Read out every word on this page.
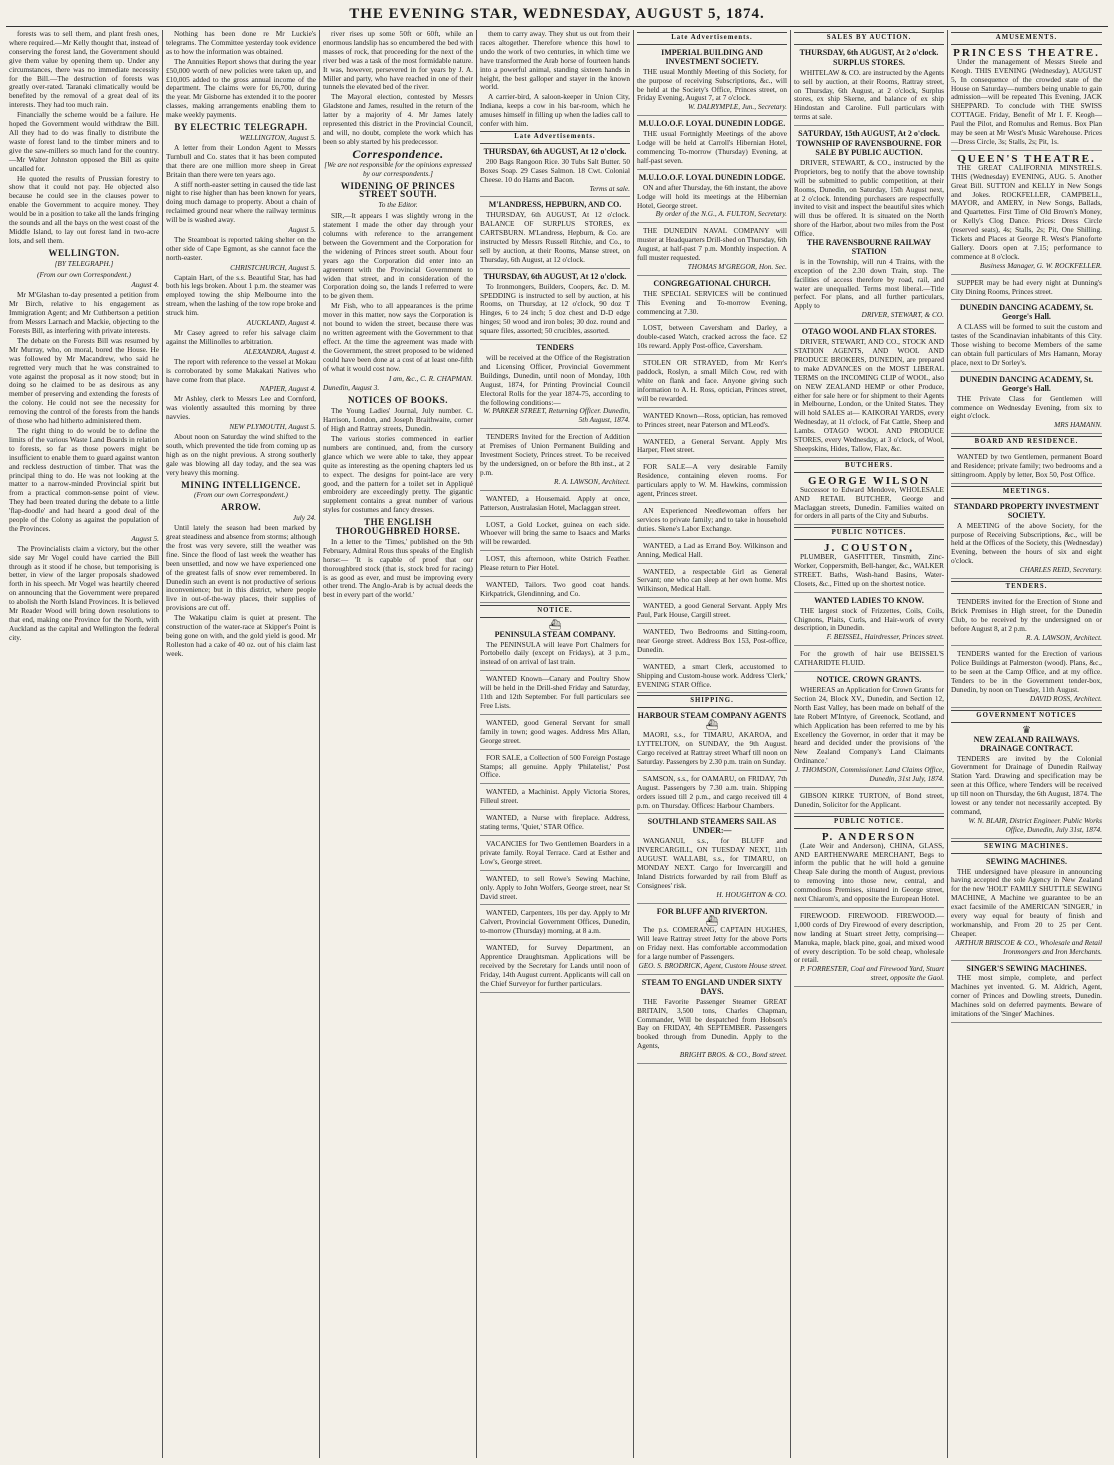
THE EVENING STAR, WEDNESDAY, AUGUST 5, 1874.

forests was to sell them, and plant fresh ones, where required.—Mr Kelly thought that, instead of conserving the forest land, the Government should give them value by opening them up. Under any circumstances, there was no immediate necessity for the Bill.—The destruction of forests was greatly over-rated. Taranaki climatically would be benefited by the removal of a great deal of its interests. They had too much rain.

Financially the scheme would be a failure. He hoped the Government would withdraw the Bill. All they had to do was finally to distribute the waste of forest land to the timber miners and to give the saw-millers so much land for the country.—Mr Walter Johnston opposed the Bill as quite uncalled for.

He quoted the results of Prussian forestry to show that it could not pay. He objected also because he could see in the clauses power to enable the Government to acquire money. They would be in a position to take all the lands fringing the sounds and all the bays on the west coast of the Middle Island, to lay out forest land in two-acre lots, and sell them.

WELLINGTON.
[BY TELEGRAPH.]
(From our own Correspondent.)
August 4.

Mr M'Glashan to-day presented a petition from Mr Birch, relative to his engagement as Immigration Agent; and Mr Cuthbertson a petition from Messrs Larnach and Mackie, objecting to the Forests Bill, as interfering with private interests.

The debate on the Forests Bill was resumed by Mr Murray, who, on moral, bored the House. He was followed by Mr Macandrew, who said he regretted very much that he was constrained to vote against the proposal as it now stood; but in doing so he claimed to be as desirous as any member of preserving and extending the forests of the colony. He could not see the necessity for removing the control of the forests from the hands of those who had hitherto administered them.

The right thing to do would be to define the limits of the various Waste Land Boards in relation to forests, so far as those powers might be insufficient to enable them to guard against wanton and reckless destruction of timber. That was the principal thing to do. He was not looking at the matter to a narrow-minded Provincial spirit but from a practical common-sense point of view. They had been treated during the debate to a little 'flap-doodle' and had heard a good deal of the people of the Colony as against the population of the Provinces.

August 5.

The Provincialists claim a victory, but the other side say Mr Vogel could have carried the Bill through as it stood if he chose, but temporising is better, in view of the larger proposals shadowed forth in his speech. Mr Vogel was heartily cheered on announcing that the Government were prepared to abolish the North Island Provinces. It is believed Mr Reader Wood will bring down resolutions to that end, making one Province for the North, with Auckland as the capital and Wellington the federal city.

Nothing has been done re Mr Luckie's telegrams. The Committee yesterday took evidence as to how the information was obtained.

The Annuities Report shows that during the year £50,000 worth of new policies were taken up, and £10,005 added to the gross annual income of the department. The claims were for £6,700, during the year. Mr Gisborne has extended it to the poorer classes, making arrangements enabling them to make weekly payments.

BY ELECTRIC TELEGRAPH.
WELLINGTON, August 5.

A letter from their London Agent to Messrs Turnbull and Co. states that it has been computed that there are one million more sheep in Great Britain than there were ten years ago.

A stiff north-easter setting in caused the tide last night to rise higher than has been known for years, doing much damage to property. About a chain of reclaimed ground near where the railway terminus will be is washed away.

August 5.

The Steamboat is reported taking shelter on the other side of Cape Egmont, as she cannot face the north-easter.

CHRISTCHURCH, August 5.

Captain Hart, of the s.s. Beautiful Star, has had both his legs broken. About 1 p.m. the steamer was employed towing the ship Melbourne into the stream, when the lashing of the tow rope broke and struck him.

AUCKLAND, August 4.

Mr Casey agreed to refer his salvage claim against the Millinolles to arbitration.

ALEXANDRA, August 4.

The report with reference to the vessel at Mokau is corroborated by some Makakati Natives who have come from that place.

NAPIER, August 4.

Mr Ashley, clerk to Messrs Lee and Cornford, was violently assaulted this morning by three navvies.

NEW PLYMOUTH, August 5.

About noon on Saturday the wind shifted to the south, which prevented the tide from coming up as high as on the night previous. A strong southerly gale was blowing all day today, and the sea was very heavy this morning.

MINING INTELLIGENCE.
(From our own Correspondent.)
ARROW.
July 24.

Until lately the season had been marked by great steadiness and absence from storms; although the frost was very severe, still the weather was fine. Since the flood of last week the weather has been unsettled, and now we have experienced one of the greatest falls of snow ever remembered. In Dunedin such an event is not productive of serious inconvenience; but in this district, where people live in out-of-the-way places, their supplies of provisions are cut off.

The Wakatipu claim is quiet at present. The construction of the water-race at Skipper's Point is being gone on with, and the gold yield is good. Mr Rolleston had a cake of 40 oz. out of his claim last week.

river rises up some 50ft or 60ft, while an enormous landslip has so encumbered the bed with masses of rock, that proceeding for the next of the river bed was a task of the most formidable nature. It was, however, persevered in for years by J. A. Miller and party, who have reached in one of their tunnels the elevated bed of the river.

The Mayoral election, contested by Messrs Gladstone and James, resulted in the return of the latter by a majority of 4. Mr James lately represented this district in the Provincial Council, and will, no doubt, complete the work which has been so ably started by his predecessor.

Correspondence.
[We are not responsible for the opinions expressed by our correspondents.]
WIDENING OF PRINCES STREET SOUTH.
To the Editor.

SIR,—It appears I was slightly wrong in the statement I made the other day through your columns with reference to the arrangement between the Government and the Corporation for the widening of Princes street south. About four years ago the Corporation did enter into an agreement with the Provincial Government to widen that street, and in consideration of the Corporation doing so, the lands I referred to were to be given them.

Mr Fish, who to all appearances is the prime mover in this matter, now says the Corporation is not bound to widen the street, because there was no written agreement with the Government to that effect. At the time the agreement was made with the Government, the street proposed to be widened could have been done at a cost of at least one-fifth of what it would cost now.

I am, &c., C. R. CHAPMAN.
Dunedin, August 3.
NOTICES OF BOOKS.

The Young Ladies' Journal, July number. C. Harrison, London, and Joseph Braithwaite, corner of High and Rattray streets, Dunedin.

The various stories commenced in earlier numbers are continued, and, from the cursory glance which we were able to take, they appear quite as interesting as the opening chapters led us to expect. The designs for point-lace are very good, and the pattern for a toilet set in Appliqué embroidery are exceedingly pretty. The gigantic supplement contains a great number of various styles for costumes and fancy dresses.

THE ENGLISH THOROUGHBRED HORSE.

In a letter to the 'Times,' published on the 9th February, Admiral Rous thus speaks of the English horse:— 'It is capable of proof that our thoroughbred stock (that is, stock bred for racing) is as good as ever, and must be improving every other trend. The Anglo-Arab is by actual deeds the best in every part of the world.'

them to carry away. They shut us out from their races altogether. Therefore whence this howl to undo the work of two centuries, in which time we have transformed the Arab horse of fourteen hands into a powerful animal, standing sixteen hands in height, the best galloper and stayer in the known world.

A carrier-bird, A saloon-keeper in Union City, Indiana, keeps a cow in his bar-room, which he amuses himself in filling up when the ladies call to confer with him.

Late Advertisements.
THURSDAY, 6th AUGUST, At 12 o'clock.
200 Bags Rangoon Rice. 30 Tubs Salt Butter. 50 Boxes Soap. 29 Cases Salmon. 18 Cwt. Colonial Cheese. 10 do Hams and Bacon.
Terms at sale.
M'LANDRESS, HEPBURN, AND CO.
THURSDAY, 6th AUGUST, At 12 o'clock. BALANCE OF SURPLUS STORES, ex CARTSBURN. M'Landress, Hepburn, & Co. are instructed by Messrs Russell Ritchie, and Co., to sell by auction, at their Rooms, Manse street, on Thursday, 6th August, at 12 o'clock.
THURSDAY, 6th AUGUST, At 12 o'clock.
To Ironmongers, Builders, Coopers, &c. D. M. SPEDDING is instructed to sell by auction, at his Rooms, on Thursday, at 12 o'clock, 90 doz T Hinges, 6 to 24 inch; 5 doz chest and D-D edge hinges; 50 wood and iron boles; 30 doz. round and square files, assorted; 50 crucibles, assorted.
TENDERS
will be received at the Office of the Registration and Licensing Officer, Provincial Government Buildings, Dunedin, until noon of Monday, 10th August, 1874, for Printing Provincial Council Electoral Rolls for the year 1874-75, according to the following conditions:—
W. PARKER STREET, Returning Officer. Dunedin, 5th August, 1874.
TENDERS Invited for the Erection of Addition at Premises of Union Permanent Building and Investment Society, Princes street. To be received by the undersigned, on or before the 8th inst., at 2 p.m.
R. A. LAWSON, Architect.
WANTED, a Housemaid. Apply at once, Patterson, Australasian Hotel, Maclaggan street.
LOST, a Gold Locket, guinea on each side. Whoever will bring the same to Isaacs and Marks will be rewarded.
LOST, this afternoon, white Ostrich Feather. Please return to Pier Hotel.
WANTED, Tailors. Two good coat hands. Kirkpatrick, Glendinning, and Co.
NOTICE.
⛴
PENINSULA STEAM COMPANY.
The PENINSULA will leave Port Chalmers for Portobello daily (except on Fridays), at 3 p.m., instead of on arrival of last train.
WANTED Known—Canary and Poultry Show will be held in the Drill-shed Friday and Saturday, 11th and 12th September. For full particulars see Free Lists.
WANTED, good General Servant for small family in town; good wages. Address Mrs Allan, George street.
FOR SALE, a Collection of 500 Foreign Postage Stamps; all genuine. Apply 'Philatelist,' Post Office.
WANTED, a Machinist. Apply Victoria Stores, Filleul street.
WANTED, a Nurse with fireplace. Address, stating terms, 'Quiet,' STAR Office.
VACANCIES for Two Gentlemen Boarders in a private family. Royal Terrace. Card at Esther and Low's, George street.
WANTED, to sell Rowe's Sewing Machine, only. Apply to John Wolfers, George street, near St David street.
WANTED, Carpenters, 10s per day. Apply to Mr Calvert, Provincial Government Offices, Dunedin, to-morrow (Thursday) morning, at 8 a.m.
WANTED, for Survey Department, an Apprentice Draughtsman. Applications will be received by the Secretary for Lands until noon of Friday, 14th August current. Applicants will call on the Chief Surveyor for further particulars.
Late Advertisements.
IMPERIAL BUILDING AND INVESTMENT SOCIETY.
THE usual Monthly Meeting of this Society, for the purpose of receiving Subscriptions, &c., will be held at the Society's Office, Princes street, on Friday Evening, August 7, at 7 o'clock.
W. DALRYMPLE, Jun., Secretary.
M.U.I.O.O.F. LOYAL DUNEDIN LODGE.
THE usual Fortnightly Meetings of the above Lodge will be held at Carroll's Hibernian Hotel, commencing To-morrow (Thursday) Evening, at half-past seven.
M.U.I.O.O.F. LOYAL DUNEDIN LODGE.
ON and after Thursday, the 6th instant, the above Lodge will hold its meetings at the Hibernian Hotel, George street.
By order of the N.G., A. FULTON, Secretary.
THE DUNEDIN NAVAL COMPANY will muster at Headquarters Drill-shed on Thursday, 6th August, at half-past 7 p.m. Monthly inspection. A full muster requested.
THOMAS M'GREGOR, Hon. Sec.
CONGREGATIONAL CHURCH.
THE SPECIAL SERVICES will be continued This Evening and To-morrow Evening, commencing at 7.30.
LOST, between Caversham and Darley, a double-cased Watch, cracked across the face. £2 10s reward. Apply Post-office, Caversham.
STOLEN OR STRAYED, from Mr Kerr's paddock, Roslyn, a small Milch Cow, red with white on flank and face. Anyone giving such information to A. H. Ross, optician, Princes street, will be rewarded.
WANTED Known—Ross, optician, has removed to Princes street, near Paterson and M'Leod's.
WANTED, a General Servant. Apply Mrs Harper, Fleet street.
FOR SALE—A very desirable Family Residence, containing eleven rooms. For particulars apply to W. M. Hawkins, commission agent, Princes street.
AN Experienced Needlewoman offers her services to private family; and to take in household duties. Skene's Labor Exchange.
WANTED, a Lad as Errand Boy. Wilkinson and Anning, Medical Hall.
WANTED, a respectable Girl as General Servant; one who can sleep at her own home. Mrs Wilkinson, Medical Hall.
WANTED, a good General Servant. Apply Mrs Paul, Park House, Cargill street.
WANTED, Two Bedrooms and Sitting-room, near George street. Address Box 153, Post-office, Dunedin.
WANTED, a smart Clerk, accustomed to Shipping and Custom-house work. Address 'Clerk,' EVENING STAR Office.
SHIPPING.
HARBOUR STEAM COMPANY AGENTS
⛴
MAORI, s.s., for TIMARU, AKAROA, and LYTTELTON, on SUNDAY, the 9th August. Cargo received at Rattray street Wharf till noon on Saturday. Passengers by 2.30 p.m. train on Sunday.
SAMSON, s.s., for OAMARU, on FRIDAY, 7th August. Passengers by 7.30 a.m. train. Shipping orders issued till 2 p.m., and cargo received till 4 p.m. on Thursday. Offices: Harbour Chambers.
SOUTHLAND STEAMERS SAIL AS UNDER:—
WANGANUI, s.s., for BLUFF and INVERCARGILL, ON TUESDAY NEXT, 11th AUGUST. WALLABI, s.s., for TIMARU, on MONDAY NEXT. Cargo for Invercargill and Inland Districts forwarded by rail from Bluff as Consignees' risk.
H. HOUGHTON & CO.
FOR BLUFF AND RIVERTON.
⛴
The p.s. COMERANG, CAPTAIN HUGHES, Will leave Rattray street Jetty for the above Ports on Friday next. Has comfortable accommodation for a large number of Passengers.
GEO. S. BRODRICK, Agent, Custom House street.
STEAM TO ENGLAND UNDER SIXTY DAYS.
THE Favorite Passenger Steamer GREAT BRITAIN, 3,500 tons, Charles Chapman, Commander, Will be despatched from Hobson's Bay on FRIDAY, 4th SEPTEMBER. Passengers booked through from Dunedin. Apply to the Agents,
BRIGHT BROS. & CO., Bond street.
SALES BY AUCTION.
THURSDAY, 6th AUGUST, At 2 o'clock.
SURPLUS STORES.
WHITELAW & CO. are instructed by the Agents to sell by auction, at their Rooms, Rattray street, on Thursday, 6th August, at 2 o'clock, Surplus stores, ex ship Skerne, and balance of ex ship Hindostan and Caroline. Full particulars with terms at sale.
SATURDAY, 15th AUGUST, At 2 o'clock.
TOWNSHIP OF RAVENSBOURNE. FOR SALE BY PUBLIC AUCTION.
DRIVER, STEWART, & CO., instructed by the Proprietors, beg to notify that the above township will be submitted to public competition, at their Rooms, Dunedin, on Saturday, 15th August next, at 2 o'clock. Intending purchasers are respectfully invited to visit and inspect the beautiful sites which will thus be offered. It is situated on the North shore of the Harbor, about two miles from the Post Office.
THE RAVENSBOURNE RAILWAY STATION
is in the Township, will run 4 Trains, with the exception of the 2.30 down Train, stop. The facilities of access therefore by road, rail, and water are unequalled. Terms most liberal.—Title perfect. For plans, and all further particulars, Apply to
DRIVER, STEWART, & CO.
OTAGO WOOL AND FLAX STORES.
DRIVER, STEWART, AND CO., STOCK AND STATION AGENTS, AND WOOL AND PRODUCE BROKERS, DUNEDIN, are prepared to make ADVANCES on the MOST LIBERAL TERMS on the INCOMING CLIP of WOOL, also on NEW ZEALAND HEMP or other Produce, either for sale here or for shipment to their Agents in Melbourne, London, or the United States. They will hold SALES at— KAIKORAI YARDS, every Wednesday, at 11 o'clock, of Fat Cattle, Sheep and Lambs. OTAGO WOOL AND PRODUCE STORES, every Wednesday, at 3 o'clock, of Wool, Sheepskins, Hides, Tallow, Flax, &c.
BUTCHERS.
GEORGE WILSON
Successor to Edward Mendove, WHOLESALE AND RETAIL BUTCHER, George and Maclaggan streets, Dunedin. Families waited on for orders in all parts of the City and Suburbs.
PUBLIC NOTICES.
J. COUSTON,
PLUMBER, GASFITTER, Tinsmith, Zinc-Worker, Coppersmith, Bell-hanger, &c., WALKER STREET. Baths, Wash-hand Basins, Water-Closets, &c., Fitted up on the shortest notice.
WANTED LADIES TO KNOW.
THE largest stock of Frizzettes, Coils, Coils, Chignons, Plaits, Curls, and Hair-work of every description, in Dunedin.
F. BEISSEL, Hairdresser, Princes street.
For the growth of hair use BEISSEL'S CATHARIDTE FLUID.
NOTICE. CROWN GRANTS.
WHEREAS an Application for Crown Grants for Section 24, Block XV., Dunedin, and Section 12, North East Valley, has been made on behalf of the late Robert M'Intyre, of Greenock, Scotland, and which Application has been referred to me by his Excellency the Governor, in order that it may be heard and decided under the provisions of 'the New Zealand Company's Land Claimants Ordinance.'
J. THOMSON, Commissioner. Land Claims Office, Dunedin, 31st July, 1874.
GIBSON KIRKE TURTON, of Bond street, Dunedin, Solicitor for the Applicant.
PUBLIC NOTICE.
P. ANDERSON
(Late Weir and Anderson), CHINA, GLASS, AND EARTHENWARE MERCHANT, Begs to inform the public that he will hold a genuine Cheap Sale during the month of August, previous to removing into those new, central, and commodious Premises, situated in George street, next Chiarom's, and opposite the European Hotel.
FIREWOOD. FIREWOOD. FIREWOOD.—1,000 cords of Dry Firewood of every description, now landing at Stuart street Jetty, comprising—Manuka, maple, black pine, goai, and mixed wood of every description. To be sold cheap, wholesale or retail.
P. FORRESTER, Coal and Firewood Yard, Stuart street, opposite the Gaol.
AMUSEMENTS.
PRINCESS THEATRE.
Under the management of Messrs Steele and Keogh. THIS EVENING (Wednesday), AUGUST 5, In consequence of the crowded state of the House on Saturday—numbers being unable to gain admission—will be repeated This Evening, JACK SHEPPARD. To conclude with THE SWISS COTTAGE. Friday, Benefit of Mr I. F. Keogh—Paul the Pilot, and Romulus and Remus. Box Plan may be seen at Mr West's Music Warehouse. Prices—Dress Circle, 3s; Stalls, 2s; Pit, 1s.
QUEEN'S THEATRE.
THE GREAT CALIFORNIA MINSTRELS. THIS (Wednesday) EVENING, AUG. 5. Another Great Bill. SUTTON and KELLY in New Songs and Jokes. ROCKFELLER, CAMPBELL, MAYOR, and AMERY, in New Songs, Ballads, and Quartettes. First Time of Old Brown's Money, or Kelly's Clog Dance. Prices: Dress Circle (reserved seats), 4s; Stalls, 2s; Pit, One Shilling. Tickets and Places at George R. West's Pianoforte Gallery. Doors open at 7.15; performance to commence at 8 o'clock.
Business Manager, G. W. ROCKFELLER.
SUPPER may be had every night at Dunning's City Dining Rooms, Princes street.
DUNEDIN DANCING ACADEMY, St. George's Hall.
A CLASS will be formed to suit the custom and tastes of the Scandinavian inhabitants of this City. Those wishing to become Members of the same can obtain full particulars of Mrs Hamann, Moray place, next to Dr Sorley's.
DUNEDIN DANCING ACADEMY, St. George's Hall.
THE Private Class for Gentlemen will commence on Wednesday Evening, from six to eight o'clock.
MRS HAMANN.
BOARD AND RESIDENCE.
WANTED by two Gentlemen, permanent Board and Residence; private family; two bedrooms and a sittingroom. Apply by letter, Box 50, Post Office.
MEETINGS.
STANDARD PROPERTY INVESTMENT SOCIETY.
A MEETING of the above Society, for the purpose of Receiving Subscriptions, &c., will be held at the Offices of the Society, this (Wednesday) Evening, between the hours of six and eight o'clock.
CHARLES REID, Secretary.
TENDERS.
TENDERS invited for the Erection of Stone and Brick Premises in High street, for the Dunedin Club, to be received by the undersigned on or before August 8, at 2 p.m.
R. A. LAWSON, Architect.
TENDERS wanted for the Erection of various Police Buildings at Palmerston (wood). Plans, &c., to be seen at the Camp Office, and at my office. Tenders to be in the Government tender-box, Dunedin, by noon on Tuesday, 11th August.
DAVID ROSS, Architect.
GOVERNMENT NOTICES
♛
NEW ZEALAND RAILWAYS. DRAINAGE CONTRACT.
TENDERS are invited by the Colonial Government for Drainage of Dunedin Railway Station Yard. Drawing and specification may be seen at this Office, where Tenders will be received up till noon on Thursday, the 6th August, 1874. The lowest or any tender not necessarily accepted. By command,
W. N. BLAIR, District Engineer. Public Works Office, Dunedin, July 31st, 1874.
SEWING MACHINES.
SEWING MACHINES.
THE undersigned have pleasure in announcing having accepted the sole Agency in New Zealand for the new 'HOLT' FAMILY SHUTTLE SEWING MACHINE, A Machine we guarantee to be an exact facsimile of the AMERICAN 'SINGER,' in every way equal for beauty of finish and workmanship, and From 20 to 25 per Cent. Cheaper.
ARTHUR BRISCOE & CO., Wholesale and Retail Ironmongers and Iron Merchants.
SINGER'S SEWING MACHINES.
THE most simple, complete, and perfect Machines yet invented. G. M. Aldrich, Agent, corner of Princes and Dowling streets, Dunedin. Machines sold on deferred payments. Beware of imitations of the 'Singer' Machines.
